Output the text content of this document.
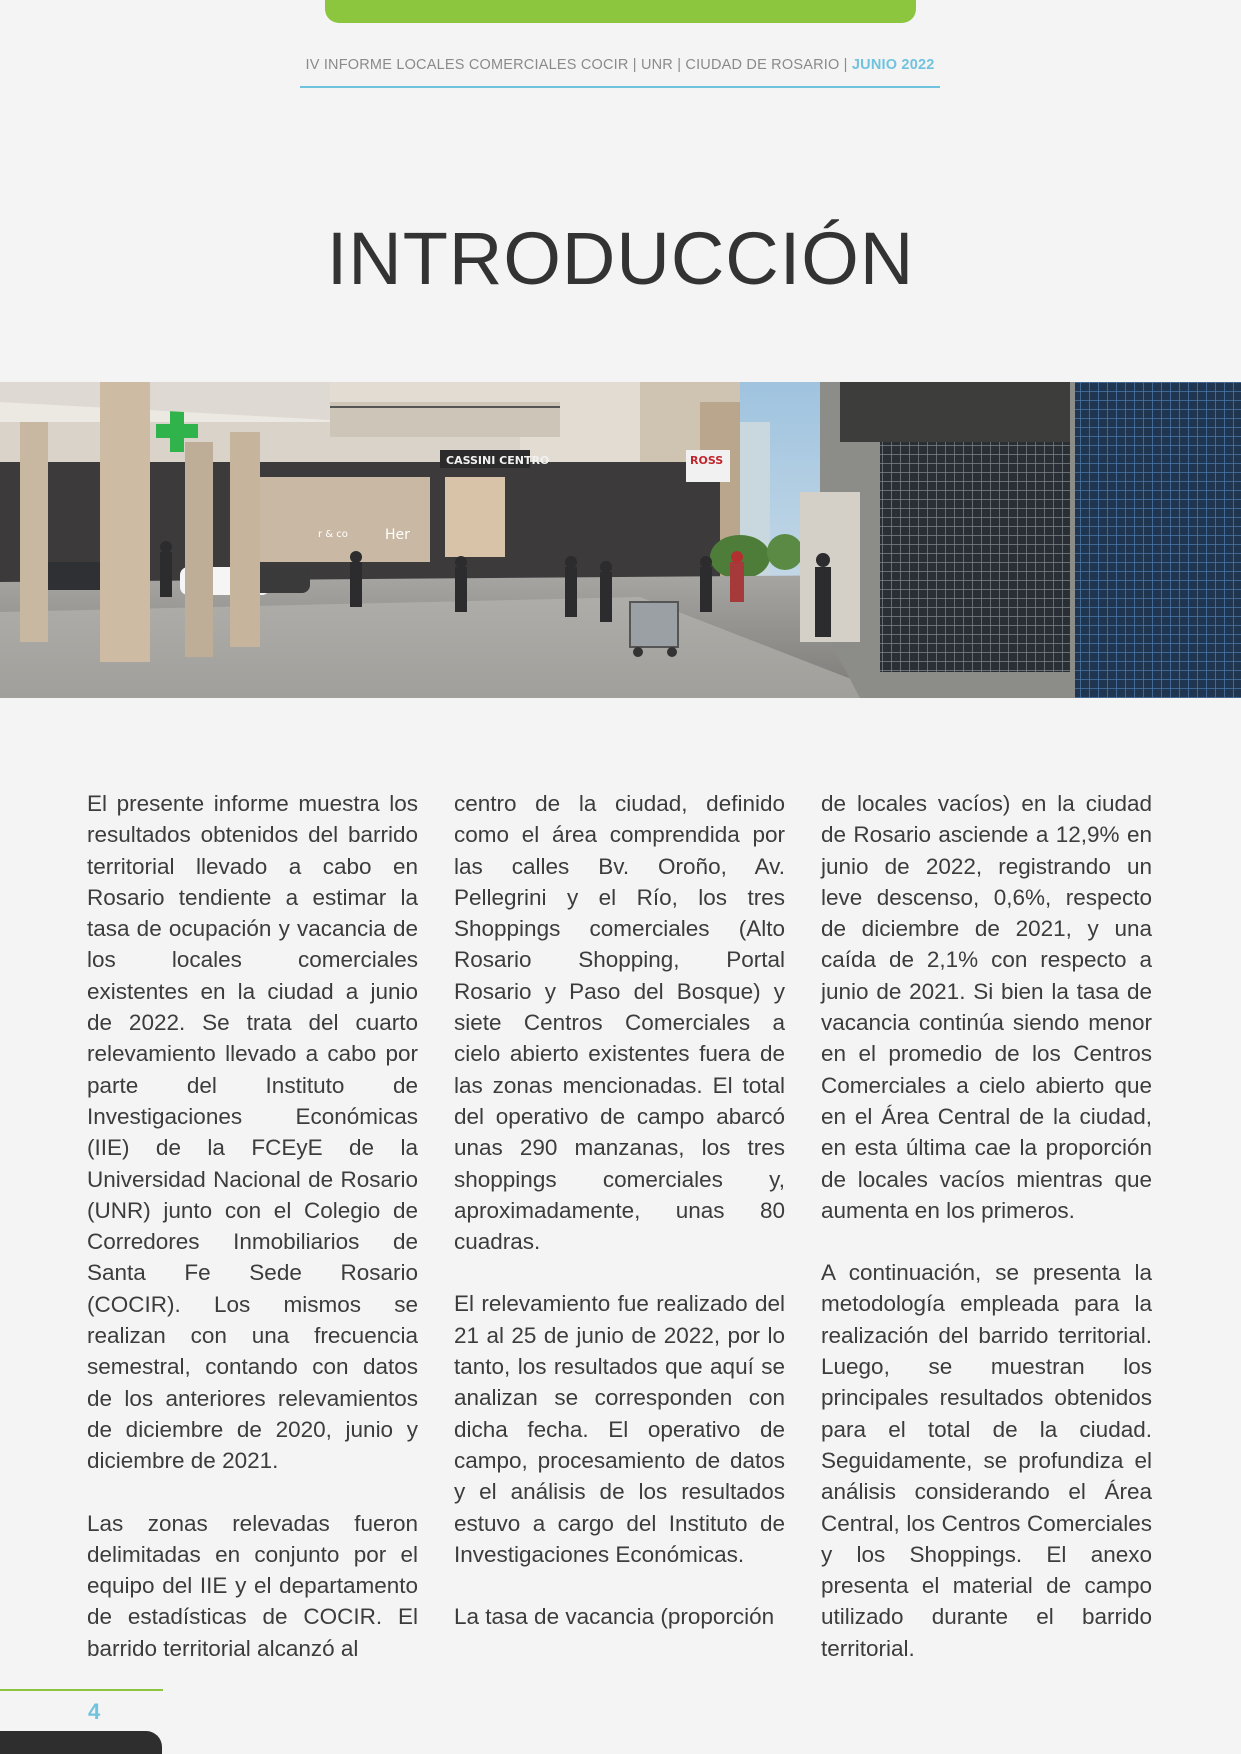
IV INFORME LOCALES COMERCIALES COCIR | UNR | CIUDAD DE ROSARIO | JUNIO 2022
INTRODUCCIÓN
CASSINI CENTRO
Her
r & co
ROSS

El presente informe muestra los resultados obtenidos del barrido territorial llevado a cabo en Rosario tendiente a estimar la tasa de ocupación y vacancia de los locales comerciales existentes en la ciudad a junio de 2022. Se trata del cuarto relevamiento llevado a cabo por parte del Instituto de Investigaciones Económicas (IIE) de la FCEyE de la Universidad Nacional de Rosario (UNR) junto con el Colegio de Corredores Inmobiliarios de Santa Fe Sede Rosario (COCIR). Los mismos se realizan con una frecuencia semestral, contando con datos de los anteriores relevamientos de diciembre de 2020, junio y diciembre de 2021.

Las zonas relevadas fueron delimitadas en conjunto por el equipo del IIE y el departamento de estadísticas de COCIR. El barrido territorial alcanzó al

centro de la ciudad, definido como el área comprendida por las calles Bv. Oroño, Av. Pellegrini y el Río, los tres Shoppings comerciales (Alto Rosario Shopping, Portal Rosario y Paso del Bosque) y siete Centros Comerciales a cielo abierto existentes fuera de las zonas mencionadas. El total del operativo de campo abarcó unas 290 manzanas, los tres shoppings comerciales y, aproximadamente, unas 80 cuadras.

El relevamiento fue realizado del 21 al 25 de junio de 2022, por lo tanto, los resultados que aquí se analizan se corresponden con dicha fecha. El operativo de campo, procesamiento de datos y el análisis de los resultados estuvo a cargo del Instituto de Investigaciones Económicas.

La tasa de vacancia (proporción

de locales vacíos) en la ciudad de Rosario asciende a 12,9% en junio de 2022, registrando un leve descenso, 0,6%, respecto de diciembre de 2021, y una caída de 2,1% con respecto a junio de 2021. Si bien la tasa de vacancia continúa siendo menor en el promedio de los Centros Comerciales a cielo abierto que en el Área Central de la ciudad, en esta última cae la proporción de locales vacíos mientras que aumenta en los primeros.

A continuación, se presenta la metodología empleada para la realización del barrido territorial. Luego, se muestran los principales resultados obtenidos para el total de la ciudad. Seguidamente, se profundiza el análisis considerando el Área Central, los Centros Comerciales y los Shoppings. El anexo presenta el material de campo utilizado durante el barrido territorial.

4
